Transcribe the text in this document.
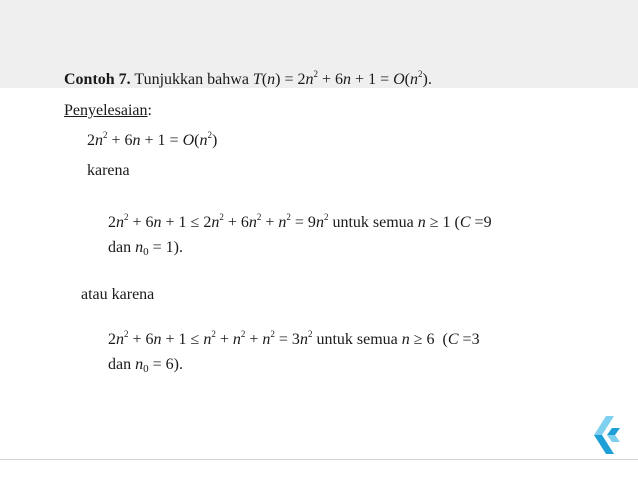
Contoh 7. Tunjukkan bahwa $T(n) = 2n^2 + 6n + 1 = O(n^2)$.
Penyelesaian:
$2n^2 + 6n + 1 = O(n^2)$
karena
$2n^2 + 6n + 1 \le 2n^2 + 6n^2 + n^2 = 9n^2$ untuk semua n ≥ 1 (C =9
dan $n_0 = 1$).
atau karena
$2n^2 + 6n + 1 \le n^2 + n^2 + n^2 = 3n^2$ untuk semua n ≥ 6  (C =3
dan $n_0 = 6$).
